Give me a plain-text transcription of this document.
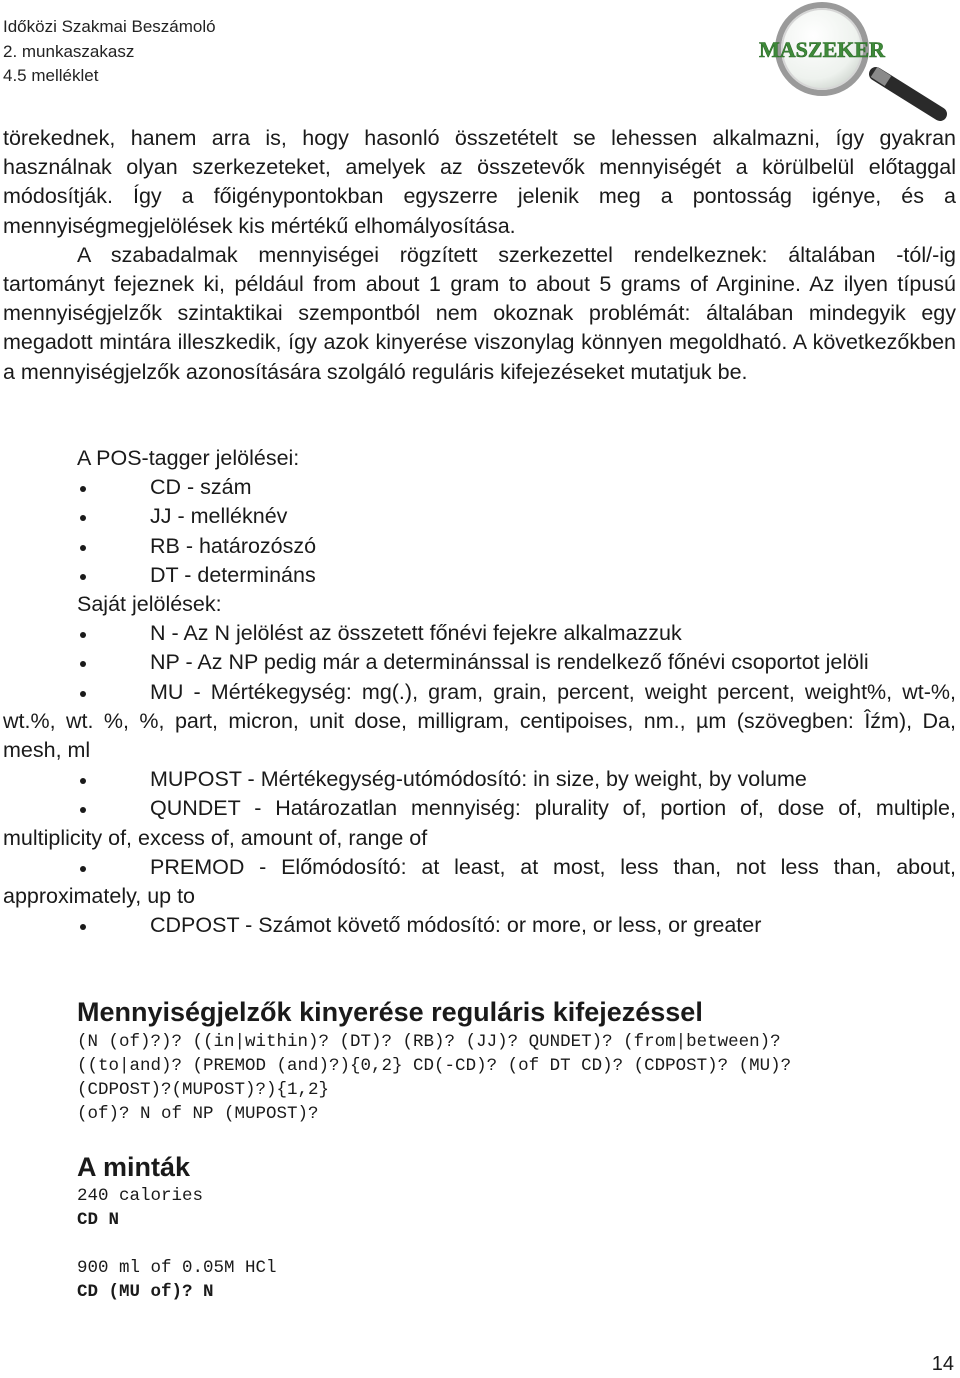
Időközi Szakmai Beszámoló
2. munkaszakasz
4.5 melléklet
MASZEKER

törekednek, hanem arra is, hogy hasonló összetételt se lehessen alkalmazni, így gyakran használnak olyan szerkezeteket, amelyek az összetevők mennyiségét a körülbelül előtaggal módosítják. Így a főigénypontokban egyszerre jelenik meg a pontosság igénye, és a mennyiségmegjelölések kis mértékű elhomályosítása.

A szabadalmak mennyiségei rögzített szerkezettel rendelkeznek: általában -tól/-ig tartományt fejeznek ki, például from about 1 gram to about 5 grams of Arginine. Az ilyen típusú mennyiségjelzők szintaktikai szempontból nem okoznak problémát: általában mindegyik egy megadott mintára illeszkedik, így azok kinyerése viszonylag könnyen megoldható. A következőkben a mennyiségjelzők azonosítására szolgáló reguláris kifejezéseket mutatjuk be.

A POS-tagger jelölései:
CD - szám
JJ - melléknév
RB - határozószó
DT - determináns
Saját jelölések:
N - Az N jelölést az összetett főnévi fejekre alkalmazzuk
NP - Az NP pedig már a determinánssal is rendelkező főnévi csoportot jelöli
MU - Mértékegység: mg(.), gram, grain, percent, weight percent, weight%, wt-%, wt.%, wt. %, %, part, micron, unit dose, milligram, centipoises, nm., µm (szövegben: Îźm), Da, mesh, ml
MUPOST - Mértékegység-utómódosító: in size, by weight, by volume
QUNDET - Határozatlan mennyiség: plurality of, portion of, dose of, multiple, multiplicity of, excess of, amount of, range of
PREMOD - Előmódosító: at least, at most, less than, not less than, about, approximately, up to
CDPOST - Számot követő módosító: or more, or less, or greater
Mennyiségjelzők kinyerése reguláris kifejezéssel
(N (of)?)? ((in|within)? (DT)? (RB)? (JJ)? QUNDET)? (from|between)?
((to|and)? (PREMOD (and)?){0,2} CD(-CD)? (of DT CD)? (CDPOST)? (MU)?
(CDPOST)?(MUPOST)?){1,2}
(of)? N of NP (MUPOST)?
A minták
240 calories
CD N
900 ml of 0.05M HCl
CD (MU of)? N
14
